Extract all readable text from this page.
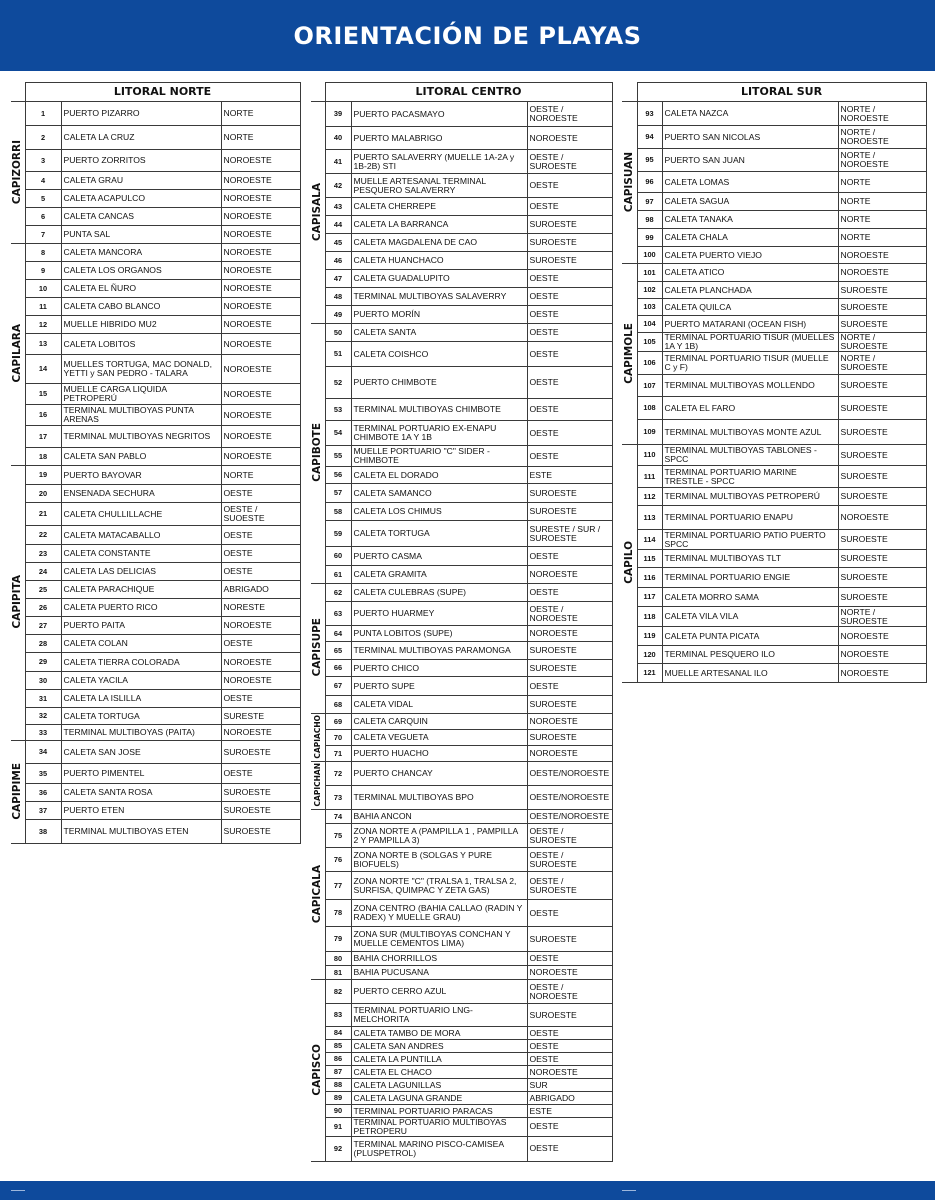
ORIENTACIÓN DE PLAYAS
	LITORAL NORTE		
CAPIZORRI	1	PUERTO PIZARRO	NORTE
	2	CALETA LA CRUZ	NORTE
	3	PUERTO ZORRITOS	NOROESTE
	4	CALETA GRAU	NOROESTE
	5	CALETA ACAPULCO	NOROESTE
	6	CALETA CANCAS	NOROESTE
	7	PUNTA SAL	NOROESTE
CAPILARA	8	CALETA MANCORA	NOROESTE
	9	CALETA LOS ORGANOS	NOROESTE
	10	CALETA EL ÑURO	NOROESTE
	11	CALETA CABO BLANCO	NOROESTE
	12	MUELLE HIBRIDO MU2	NOROESTE
	13	CALETA LOBITOS	NOROESTE
	14	MUELLES TORTUGA, MAC DONALD, YETTI y SAN PEDRO - TALARA	NOROESTE
	15	MUELLE CARGA LIQUIDA PETROPERÚ	NOROESTE
	16	TERMINAL MULTIBOYAS PUNTA ARENAS	NOROESTE
	17	TERMINAL MULTIBOYAS NEGRITOS	NOROESTE
	18	CALETA SAN PABLO	NOROESTE
CAPIPITA	19	PUERTO BAYOVAR	NORTE
	20	ENSENADA SECHURA	OESTE
	21	CALETA CHULLILLACHE	OESTE / SUOESTE
	22	CALETA MATACABALLO	OESTE
	23	CALETA CONSTANTE	OESTE
	24	CALETA LAS DELICIAS	OESTE
	25	CALETA PARACHIQUE	ABRIGADO
	26	CALETA PUERTO RICO	NORESTE
	27	PUERTO PAITA	NOROESTE
	28	CALETA COLAN	OESTE
	29	CALETA TIERRA COLORADA	NOROESTE
	30	CALETA YACILA	NOROESTE
	31	CALETA LA ISLILLA	OESTE
	32	CALETA TORTUGA	SURESTE
	33	TERMINAL MULTIBOYAS (PAITA)	NOROESTE
CAPIPIME	34	CALETA SAN JOSE	SUROESTE
	35	PUERTO PIMENTEL	OESTE
	36	CALETA SANTA ROSA	SUROESTE
	37	PUERTO ETEN	SUROESTE
	38	TERMINAL MULTIBOYAS ETEN	SUROESTE
	LITORAL CENTRO		
CAPISALA	39	PUERTO PACASMAYO	OESTE / NOROESTE
	40	PUERTO MALABRIGO	NOROESTE
	41	PUERTO SALAVERRY (MUELLE 1A-2A y 1B-2B) STI	OESTE / SUROESTE
	42	MUELLE ARTESANAL TERMINAL PESQUERO SALAVERRY	OESTE
	43	CALETA CHERREPE	OESTE
	44	CALETA LA BARRANCA	SUROESTE
	45	CALETA MAGDALENA DE CAO	SUROESTE
	46	CALETA HUANCHACO	SUROESTE
	47	CALETA GUADALUPITO	OESTE
	48	TERMINAL MULTIBOYAS SALAVERRY	OESTE
	49	PUERTO MORÍN	OESTE
CAPIBOTE	50	CALETA SANTA	OESTE
	51	CALETA COISHCO	OESTE
	52	PUERTO CHIMBOTE	OESTE
	53	TERMINAL MULTIBOYAS CHIMBOTE	OESTE
	54	TERMINAL PORTUARIO EX-ENAPU CHIMBOTE 1A Y 1B	OESTE
	55	MUELLE PORTUARIO "C" SIDER - CHIMBOTE	OESTE
	56	CALETA EL DORADO	ESTE
	57	CALETA SAMANCO	SUROESTE
	58	CALETA LOS CHIMUS	SUROESTE
	59	CALETA TORTUGA	SURESTE / SUR / SUROESTE
	60	PUERTO CASMA	OESTE
	61	CALETA GRAMITA	NOROESTE
CAPISUPE	62	CALETA CULEBRAS (SUPE)	OESTE
	63	PUERTO HUARMEY	OESTE / NOROESTE
	64	PUNTA LOBITOS (SUPE)	NOROESTE
	65	TERMINAL MULTIBOYAS PARAMONGA	SUROESTE
	66	PUERTO CHICO	SUROESTE
	67	PUERTO SUPE	OESTE
	68	CALETA VIDAL	SUROESTE
CAPIACHO	69	CALETA CARQUIN	NOROESTE
	70	CALETA VEGUETA	SUROESTE
	71	PUERTO HUACHO	NOROESTE
CAPICHAN	72	PUERTO CHANCAY	OESTE/NOROESTE
	73	TERMINAL MULTIBOYAS BPO	OESTE/NOROESTE
CAPICALA	74	BAHIA ANCON	OESTE/NOROESTE
	75	ZONA NORTE A (PAMPILLA 1 , PAMPILLA 2 Y PAMPILLA 3)	OESTE / SUROESTE
	76	ZONA NORTE B (SOLGAS Y PURE BIOFUELS)	OESTE / SUROESTE
	77	ZONA NORTE "C" (TRALSA 1, TRALSA 2, SURFISA, QUIMPAC Y ZETA GAS)	OESTE / SUROESTE
	78	ZONA CENTRO (BAHIA CALLAO (RADIN Y RADEX) Y MUELLE GRAU)	OESTE
	79	ZONA SUR (MULTIBOYAS CONCHAN Y MUELLE CEMENTOS LIMA)	SUROESTE
	80	BAHIA CHORRILLOS	OESTE
	81	BAHIA PUCUSANA	NOROESTE
CAPISCO	82	PUERTO CERRO AZUL	OESTE / NOROESTE
	83	TERMINAL PORTUARIO LNG- MELCHORITA	SUROESTE
	84	CALETA TAMBO DE MORA	OESTE
	85	CALETA SAN ANDRES	OESTE
	86	CALETA LA PUNTILLA	OESTE
	87	CALETA EL CHACO	NOROESTE
	88	CALETA LAGUNILLAS	SUR
	89	CALETA LAGUNA GRANDE	ABRIGADO
	90	TERMINAL PORTUARIO PARACAS	ESTE
	91	TERMINAL PORTUARIO MULTIBOYAS PETROPERU	OESTE
	92	TERMINAL MARINO PISCO-CAMISEA (PLUSPETROL)	OESTE
	LITORAL SUR		
CAPISUAN	93	CALETA NAZCA	NORTE / NOROESTE
	94	PUERTO SAN NICOLAS	NORTE / NOROESTE
	95	PUERTO SAN JUAN	NORTE / NOROESTE
	96	CALETA LOMAS	NORTE
	97	CALETA SAGUA	NORTE
	98	CALETA TANAKA	NORTE
	99	CALETA CHALA	NORTE
	100	CALETA PUERTO VIEJO	NOROESTE
CAPIMOLE	101	CALETA ATICO	NOROESTE
	102	CALETA PLANCHADA	SUROESTE
	103	CALETA QUILCA	SUROESTE
	104	PUERTO MATARANI (OCEAN FISH)	SUROESTE
	105	TERMINAL PORTUARIO TISUR (MUELLES 1A Y 1B)	NORTE / SUROESTE
	106	TERMINAL PORTUARIO TISUR (MUELLE C y F)	NORTE / SUROESTE
	107	TERMINAL MULTIBOYAS MOLLENDO	SUROESTE
	108	CALETA EL FARO	SUROESTE
	109	TERMINAL MULTIBOYAS MONTE AZUL	SUROESTE
CAPILO	110	TERMINAL MULTIBOYAS TABLONES - SPCC	SUROESTE
	111	TERMINAL PORTUARIO MARINE TRESTLE - SPCC	SUROESTE
	112	TERMINAL MULTIBOYAS PETROPERÚ	SUROESTE
	113	TERMINAL PORTUARIO ENAPU	NOROESTE
	114	TERMINAL PORTUARIO PATIO PUERTO SPCC	SUROESTE
	115	TERMINAL MULTIBOYAS TLT	SUROESTE
	116	TERMINAL PORTUARIO ENGIE	SUROESTE
	117	CALETA MORRO SAMA	SUROESTE
	118	CALETA VILA VILA	NORTE / SUROESTE
	119	CALETA PUNTA PICATA	NOROESTE
	120	TERMINAL PESQUERO ILO	NOROESTE
	121	MUELLE ARTESANAL ILO	NOROESTE
